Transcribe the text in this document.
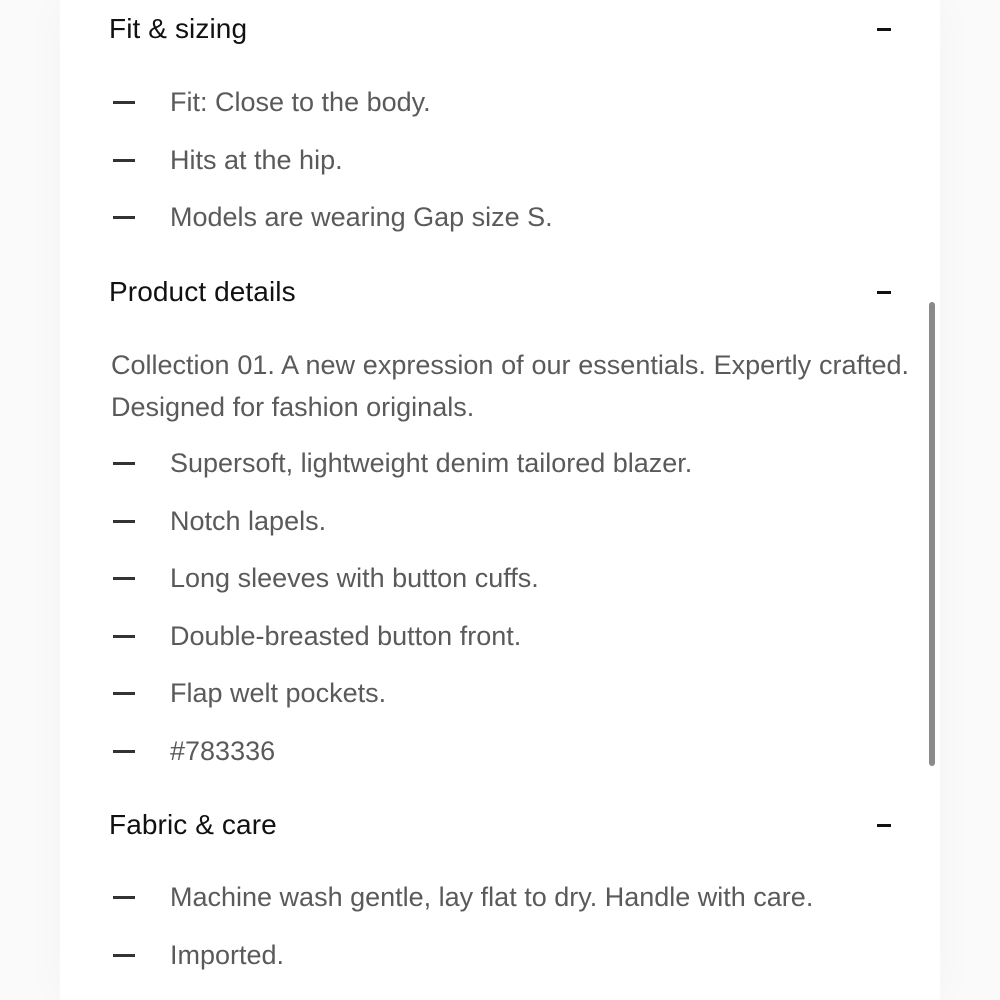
Fit & sizing
Fit: Close to the body.
Hits at the hip.
Models are wearing Gap size S.
Product details

Collection 01. A new expression of our essentials. Expertly crafted. Designed for fashion originals.

Supersoft, lightweight denim tailored blazer.
Notch lapels.
Long sleeves with button cuffs.
Double-breasted button front.
Flap welt pockets.
#783336
Fabric & care
Machine wash gentle, lay flat to dry. Handle with care.
Imported.
